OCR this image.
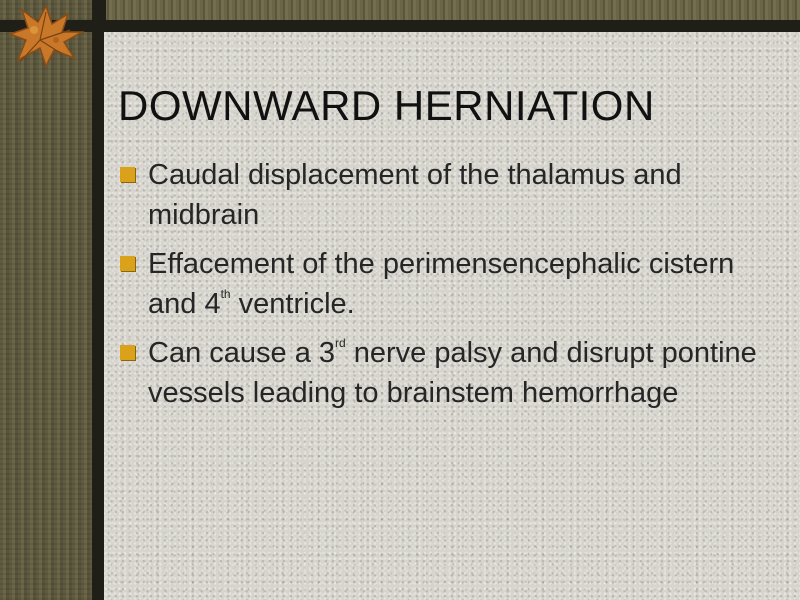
DOWNWARD HERNIATION
Caudal displacement of the thalamus and midbrain
Effacement of the perimensencephalic cistern and 4th ventricle.
Can cause a 3rd nerve palsy and disrupt pontine vessels leading to brainstem hemorrhage
